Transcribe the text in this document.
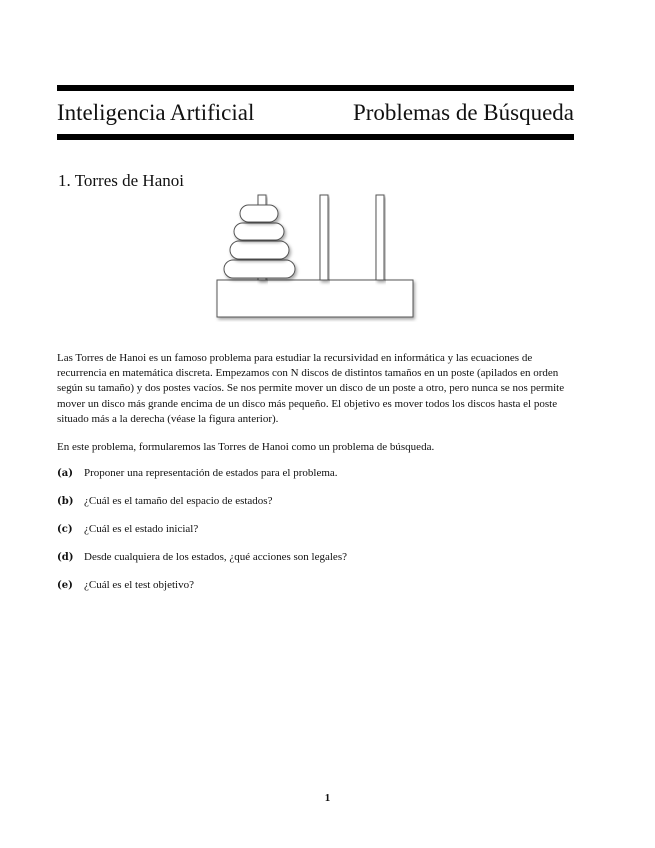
Inteligencia Artificial	Problemas de Búsqueda
1. Torres de Hanoi
Las Torres de Hanoi es un famoso problema para estudiar la recursividad en informática y las ecuaciones de recurrencia en matemática discreta. Empezamos con N discos de distintos tamaños en un poste (apilados en orden según su tamaño) y dos postes vacíos. Se nos permite mover un disco de un poste a otro, pero nunca se nos permite mover un disco más grande encima de un disco más pequeño. El objetivo es mover todos los discos hasta el poste situado más a la derecha (véase la figura anterior).
En este problema, formularemos las Torres de Hanoi como un problema de búsqueda.
(a) Proponer una representación de estados para el problema.
(b) ¿Cuál es el tamaño del espacio de estados?
(c) ¿Cuál es el estado inicial?
(d) Desde cualquiera de los estados, ¿qué acciones son legales?
(e) ¿Cuál es el test objetivo?
1
